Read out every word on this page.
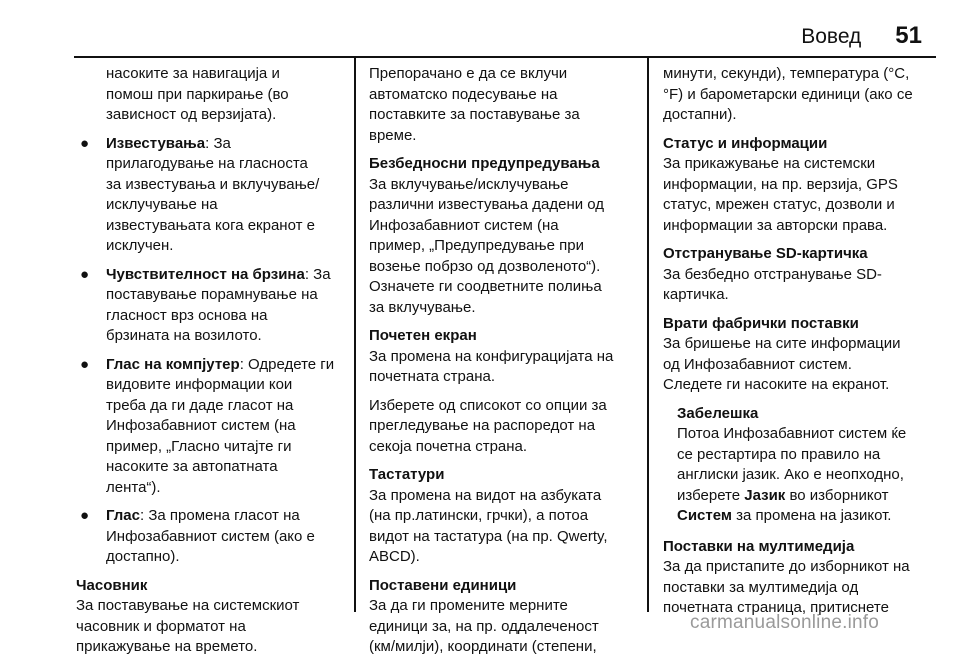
Вовед 51

насоките за навигација и
помош при паркирање (во
зависност од верзијата).

● Известувања: За
прилагодување на гласноста
за известувања и вклучување/
исклучување на
известувањата кога екранот е
исклучен.
● Чувствителност на брзина: За
поставување порамнување на
гласност врз основа на
брзината на возилото.
● Глас на компјутер: Одредете ги
видовите информации кои
треба да ги даде гласот на
Инфозабавниот систем (на
пример, „Гласно читајте ги
насоките за автопатната
лента“).
● Глас: За промена гласот на
Инфозабавниот систем (ако е
достапно).
Часовник

За поставување на системскиот
часовник и форматот на
прикажување на времето.

Препорачано е да се вклучи
автоматско подесување на
поставките за поставување за
време.

Безбедносни предупредувања

За вклучување/исклучување
различни известувања дадени од
Инфозабавниот систем (на
пример, „Предупредување при
возење побрзо од дозволеното“).
Означете ги соодветните полиња
за вклучување.

Почетен екран

За промена на конфигурацијата на
почетната страна.

Изберете од списокот со опции за
прегледување на распоредот на
секоја почетна страна.

Тастатури

За промена на видот на азбуката
(на пр.латински, грчки), а потоа
видот на тастатура (на пр. Qwerty,
ABCD).

Поставени единици

За да ги промените мерните
единици за, на пр. оддалеченост
(км/милји), координати (степени,

минути, секунди), температура (°C,
°F) и барометарски единици (ако се
достапни).

Статус и информации

За прикажување на системски
информации, на пр. верзија, GPS
статус, мрежен статус, дозволи и
информации за авторски права.

Отстранување SD-картичка

За безбедно отстранување SD-
картичка.

Врати фабрички поставки

За бришење на сите информации
од Инфозабавниот систем.

Следете ги насоките на екранот.

Забелешка
Потоа Инфозабавниот систем ќе
се рестартира по правило на
англиски јазик. Ако е неопходно,
изберете Јазик во изборникот
Систем за промена на јазикот.
Поставки на мултимедија

За да пристапите до изборникот на
поставки за мултимедија од
почетната страница, притиснете

carmanualsonline.info
